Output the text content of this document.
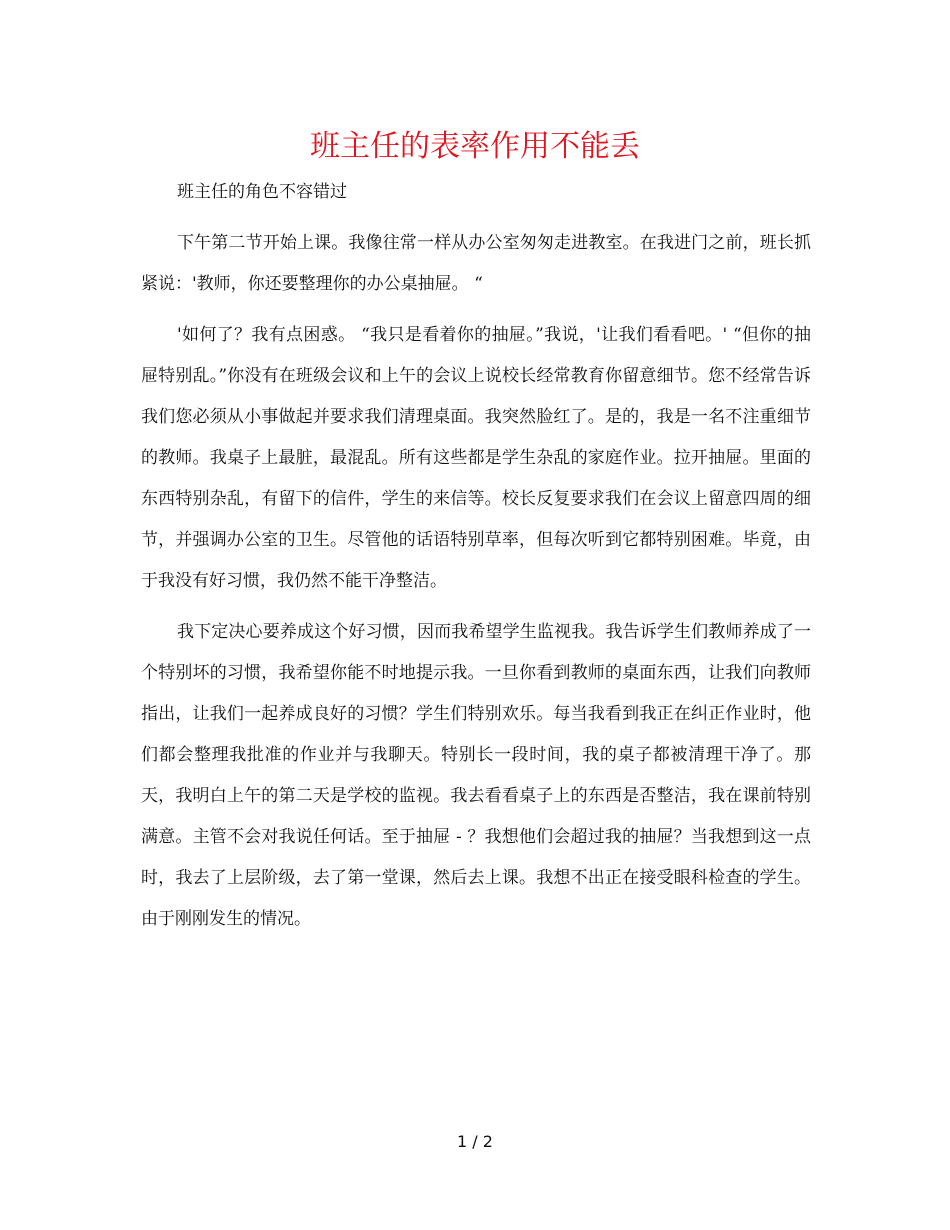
班主任的表率作用不能丢

班主任的角色不容错过

下午第二节开始上课。我像往常一样从办公室匆匆走进教室。在我进门之前，班长抓紧说：'教师，你还要整理你的办公桌抽屉。 “

'如何了？我有点困惑。 “我只是看着你的抽屉。”我说，'让我们看看吧。' “但你的抽屉特别乱。”你没有在班级会议和上午的会议上说校长经常教育你留意细节。您不经常告诉我们您必须从小事做起并要求我们清理桌面。我突然脸红了。是的，我是一名不注重细节的教师。我桌子上最脏，最混乱。所有这些都是学生杂乱的家庭作业。拉开抽屉。里面的东西特别杂乱，有留下的信件，学生的来信等。校长反复要求我们在会议上留意四周的细节，并强调办公室的卫生。尽管他的话语特别草率，但每次听到它都特别困难。毕竟，由于我没有好习惯，我仍然不能干净整洁。

我下定决心要养成这个好习惯，因而我希望学生监视我。我告诉学生们教师养成了一个特别坏的习惯，我希望你能不时地提示我。一旦你看到教师的桌面东西，让我们向教师指出，让我们一起养成良好的习惯？学生们特别欢乐。每当我看到我正在纠正作业时，他们都会整理我批准的作业并与我聊天。特别长一段时间，我的桌子都被清理干净了。那天，我明白上午的第二天是学校的监视。我去看看桌子上的东西是否整洁，我在课前特别满意。主管不会对我说任何话。至于抽屉 - ？我想他们会超过我的抽屉？当我想到这一点时，我去了上层阶级，去了第一堂课，然后去上课。我想不出正在接受眼科检查的学生。由于刚刚发生的情况。

1 / 2
